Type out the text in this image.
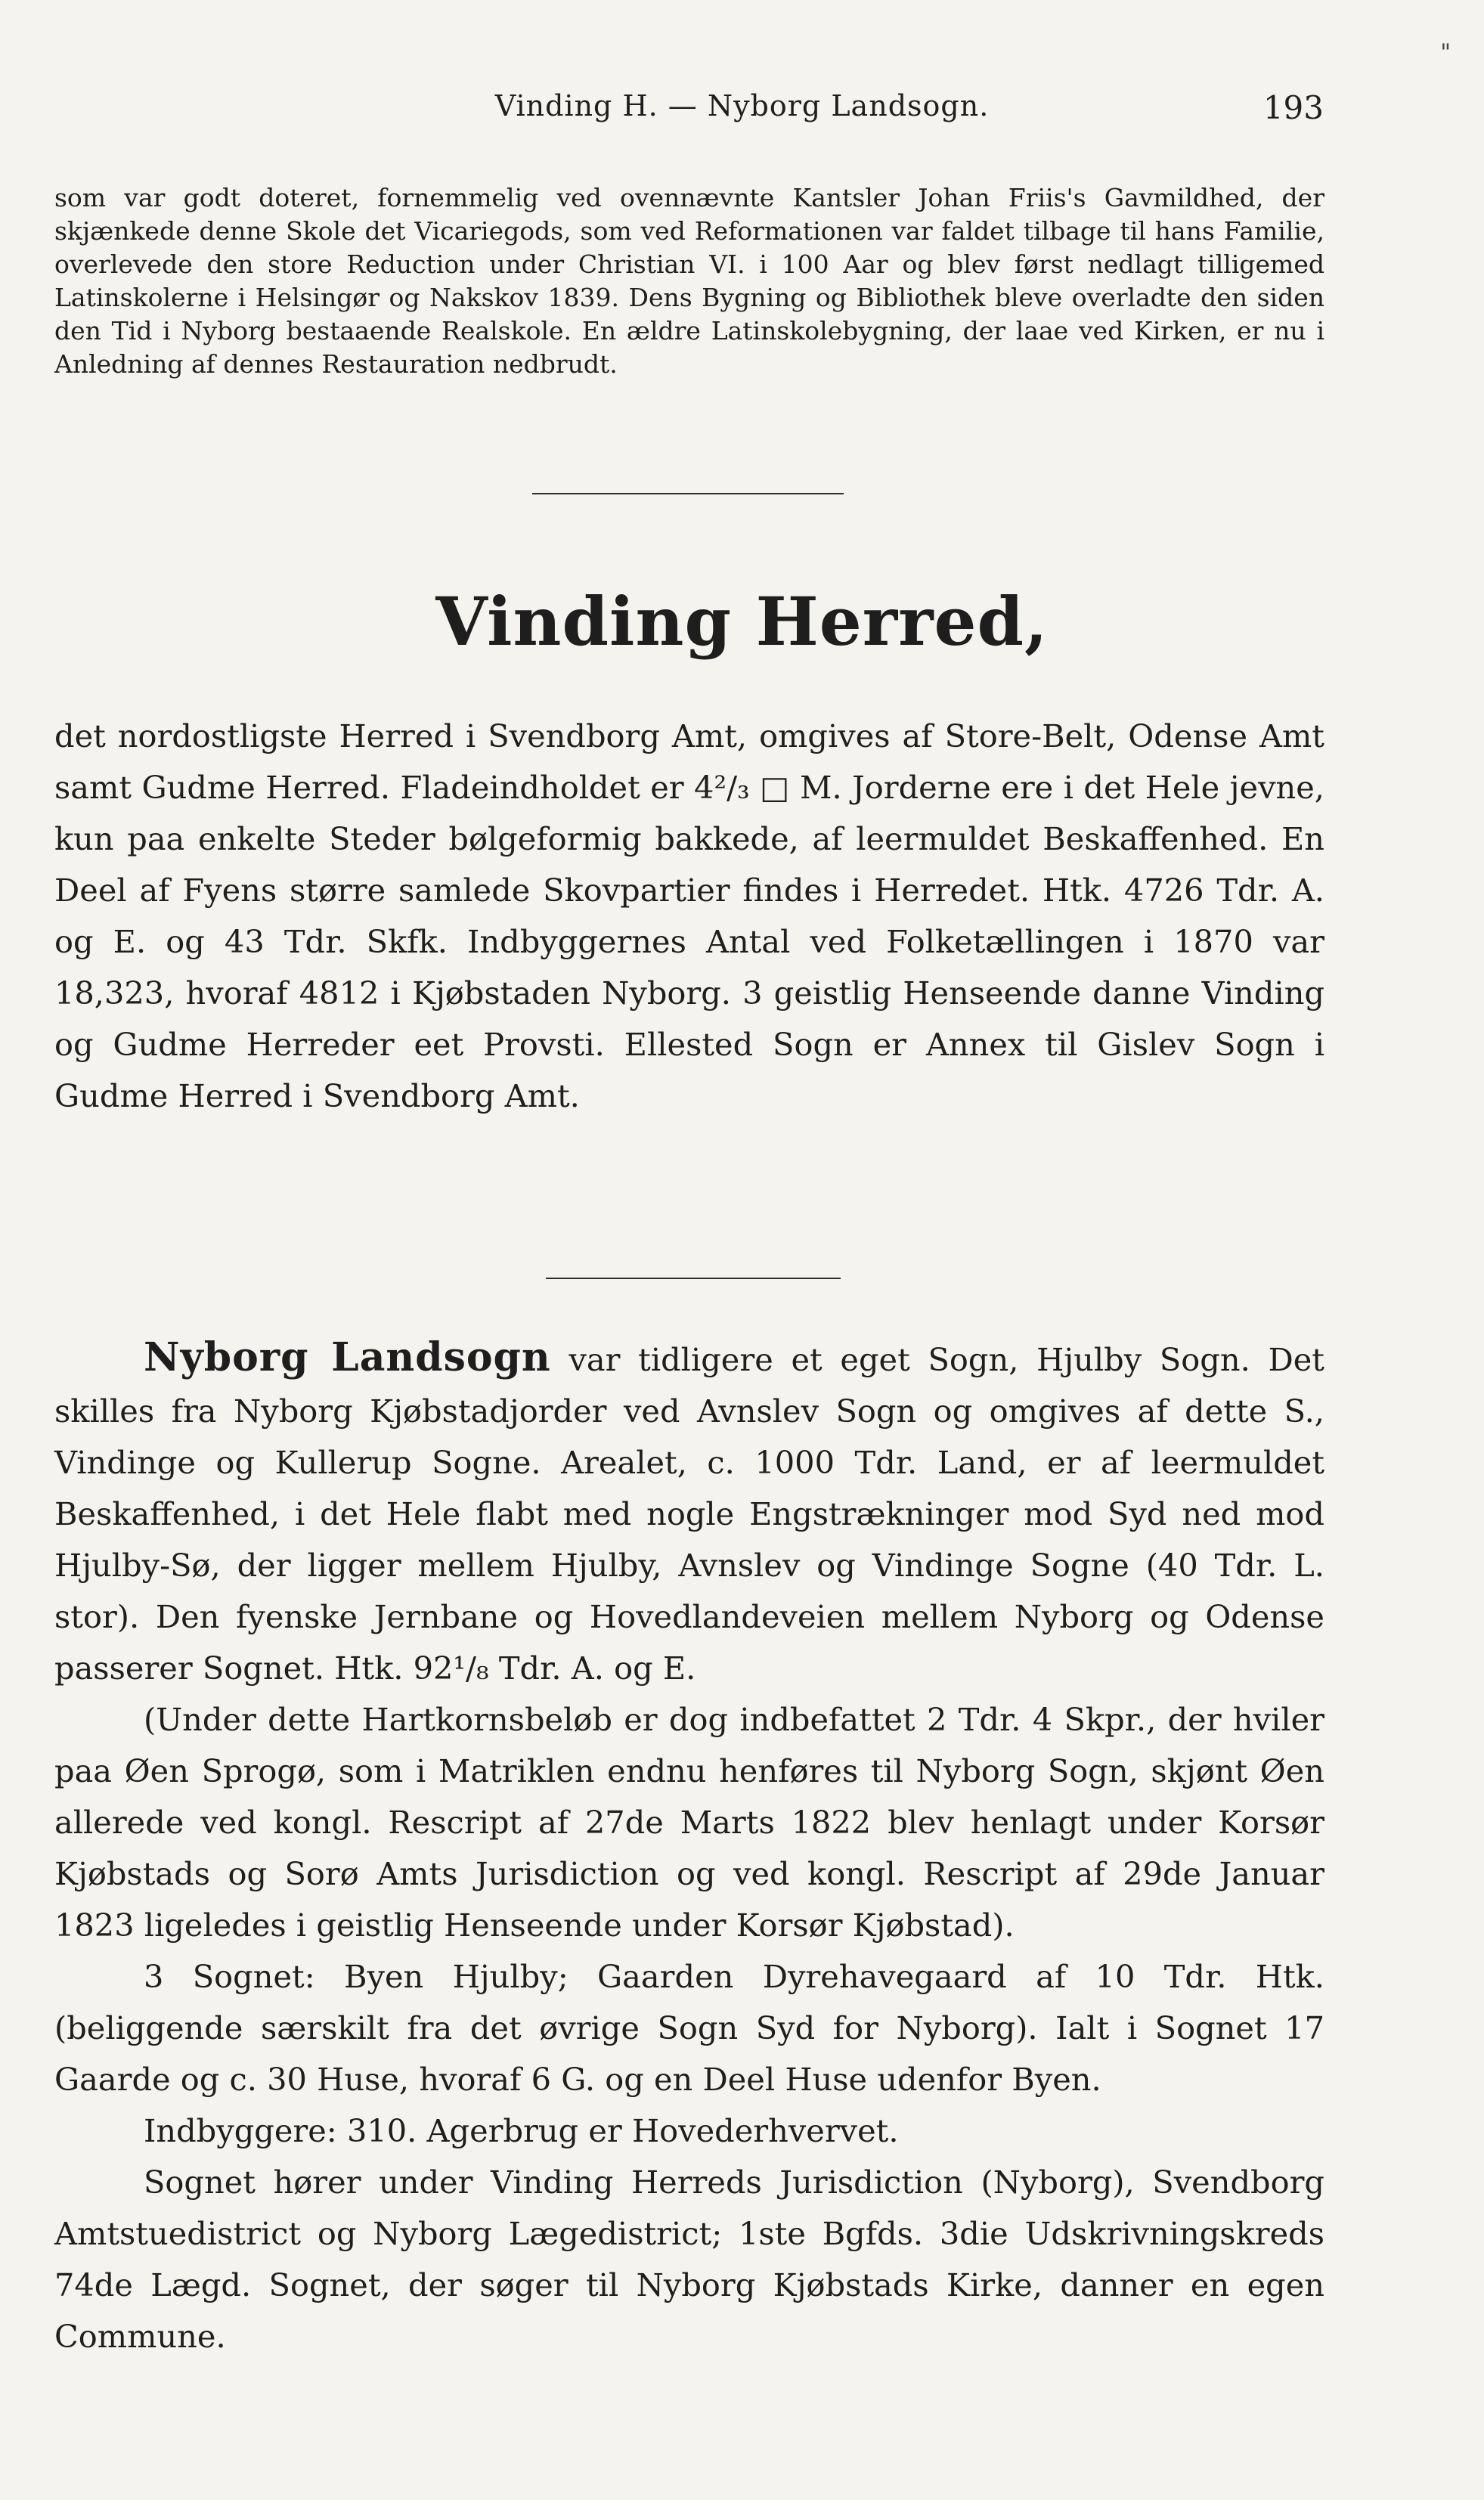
"
Vinding H. — Nyborg Landsogn.	193

som var godt doteret, fornemmelig ved ovennævnte Kantsler Johan Friis's Gavmildhed, der skjænkede denne Skole det Vicariegods, som ved Reformationen var faldet tilbage til hans Familie, overlevede den store Reduction under Christian VI. i 100 Aar og blev først nedlagt tilligemed Latinskolerne i Helsingør og Nakskov 1839. Dens Bygning og Bibliothek bleve overladte den siden den Tid i Nyborg bestaaende Realskole. En ældre Latinskolebygning, der laae ved Kirken, er nu i Anledning af dennes Restauration nedbrudt.

Vinding Herred,

det nordostligste Herred i Svendborg Amt, omgives af Store-Belt, Odense Amt samt Gudme Herred. Fladeindholdet er 4²/₃ □ M. Jorderne ere i det Hele jevne, kun paa enkelte Steder bølgeformig bakkede, af leermuldet Beskaffenhed. En Deel af Fyens større samlede Skovpartier findes i Herredet. Htk. 4726 Tdr. A. og E. og 43 Tdr. Skfk. Indbyggernes Antal ved Folketællingen i 1870 var 18,323, hvoraf 4812 i Kjøbstaden Nyborg. 3 geistlig Henseende danne Vinding og Gudme Herreder eet Provsti. Ellested Sogn er Annex til Gislev Sogn i Gudme Herred i Svendborg Amt.

Nyborg Landsogn var tidligere et eget Sogn, Hjulby Sogn. Det skilles fra Nyborg Kjøbstadjorder ved Avnslev Sogn og omgives af dette S., Vindinge og Kullerup Sogne. Arealet, c. 1000 Tdr. Land, er af leermuldet Beskaffenhed, i det Hele flabt med nogle Engstrækninger mod Syd ned mod Hjulby-Sø, der ligger mellem Hjulby, Avnslev og Vindinge Sogne (40 Tdr. L. stor). Den fyenske Jernbane og Hovedlandeveien mellem Nyborg og Odense passerer Sognet. Htk. 92¹/₈ Tdr. A. og E.

(Under dette Hartkornsbeløb er dog indbefattet 2 Tdr. 4 Skpr., der hviler paa Øen Sprogø, som i Matriklen endnu henføres til Nyborg Sogn, skjønt Øen allerede ved kongl. Rescript af 27de Marts 1822 blev henlagt under Korsør Kjøbstads og Sorø Amts Jurisdiction og ved kongl. Rescript af 29de Januar 1823 ligeledes i geistlig Henseende under Korsør Kjøbstad).

3 Sognet: Byen Hjulby; Gaarden Dyrehavegaard af 10 Tdr. Htk. (beliggende særskilt fra det øvrige Sogn Syd for Nyborg). Ialt i Sognet 17 Gaarde og c. 30 Huse, hvoraf 6 G. og en Deel Huse udenfor Byen.

Indbyggere: 310. Agerbrug er Hovederhvervet.

Sognet hører under Vinding Herreds Jurisdiction (Nyborg), Svendborg Amtstuedistrict og Nyborg Lægedistrict; 1ste Bgfds. 3die Udskrivningskreds 74de Lægd. Sognet, der søger til Nyborg Kjøbstads Kirke, danner en egen Commune.
